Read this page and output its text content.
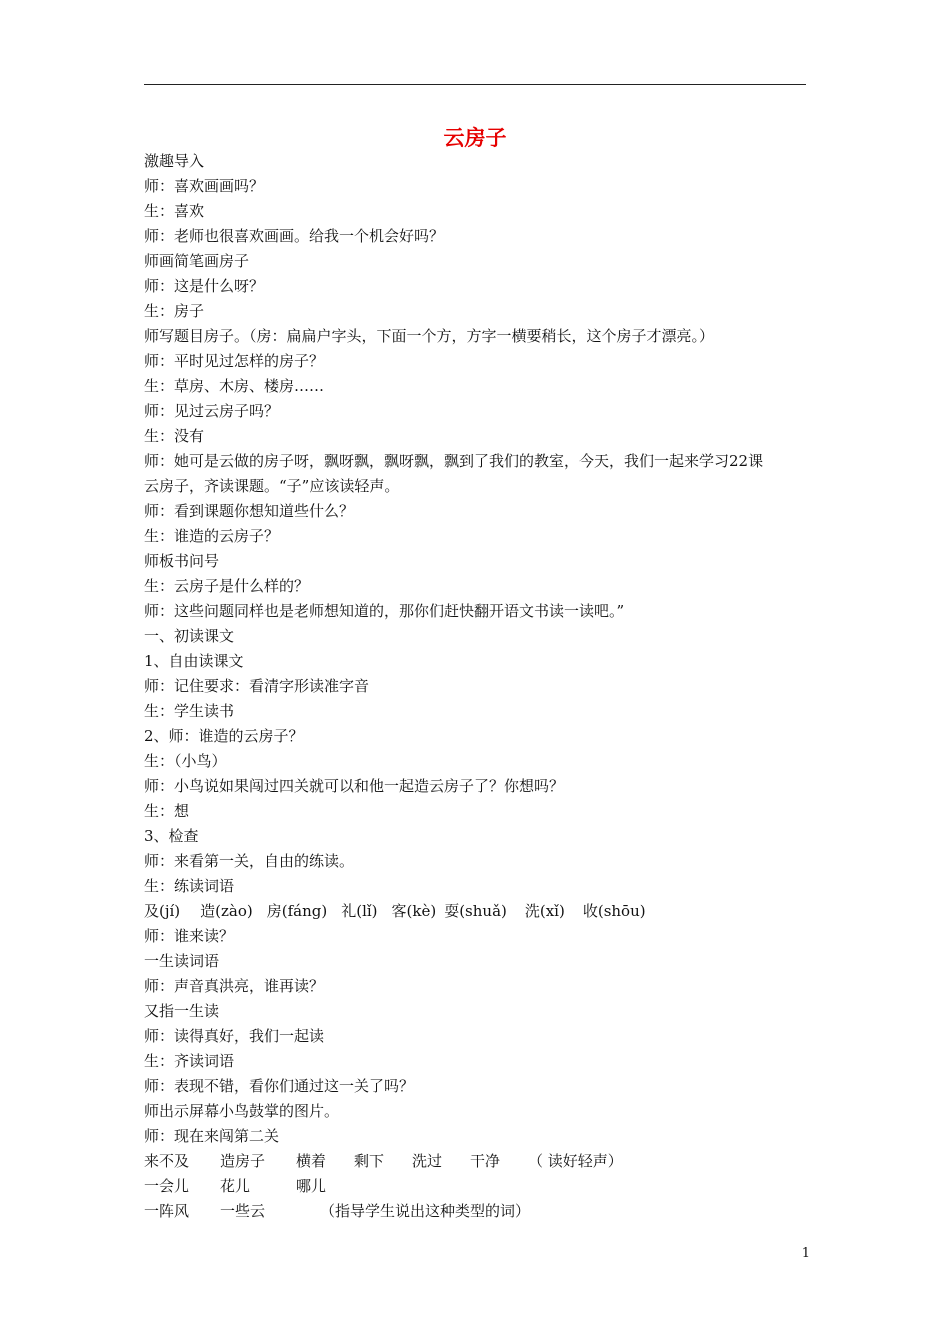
云房子
激趣导入
师：喜欢画画吗？
生：喜欢
师：老师也很喜欢画画。给我一个机会好吗？
师画简笔画房子
师：这是什么呀？
生：房子
师写题目房子。（房：扁扁户字头，下面一个方，方字一横要稍长，这个房子才漂亮。）
师：平时见过怎样的房子？
生：草房、木房、楼房……
师：见过云房子吗？
生：没有
师：她可是云做的房子呀，飘呀飘，飘呀飘，飘到了我们的教室，今天，我们一起来学习22课
云房子，齐读课题。“子”应该读轻声。
师：看到课题你想知道些什么？
生：谁造的云房子？
师板书问号
生：云房子是什么样的？
师：这些问题同样也是老师想知道的，那你们赶快翻开语文书读一读吧。”
一、初读课文
1、自由读课文
师：记住要求：看清字形读准字音
生：学生读书
2、师：谁造的云房子？
生：（小鸟）
师：小鸟说如果闯过四关就可以和他一起造云房子了？你想吗？
生：想
3、检查
师：来看第一关，自由的练读。
生：练读词语
及(jí) 造(zào) 房(fáng) 礼(lǐ) 客(kè) 耍(shuǎ) 洗(xǐ) 收(shōu)
师：谁来读？
一生读词语
师：声音真洪亮，谁再读？
又指一生读
师：读得真好，我们一起读
生：齐读词语
师：表现不错，看你们通过这一关了吗？
师出示屏幕小鸟鼓掌的图片。
师：现在来闯第二关
来不及 造房子 横着 剩下 洗过 干净 （ 读好轻声）
一会儿 花儿	哪儿
一阵风 一些云	（指导学生说出这种类型的词）
1
